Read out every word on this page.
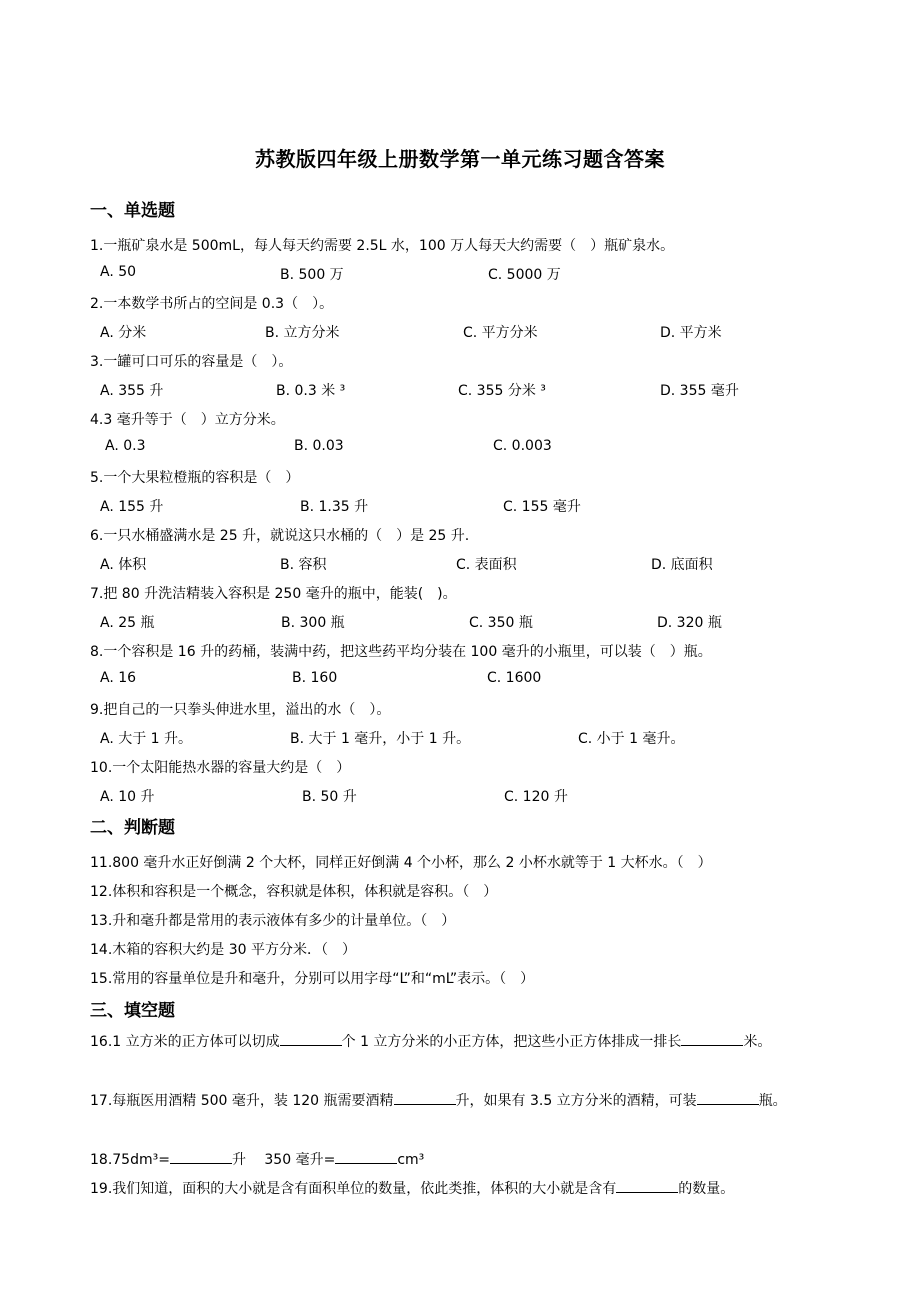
苏教版四年级上册数学第一单元练习题含答案
一、单选题
1.一瓶矿泉水是 500mL，每人每天约需要 2.5L 水，100 万人每天大约需要（　）瓶矿泉水。
A. 50	B. 500 万	C. 5000 万
2.一本数学书所占的空间是 0.3（　）。
A. 分米	B. 立方分米	C. 平方分米	D. 平方米
3.一罐可口可乐的容量是（　）。
A. 355 升	B. 0.3 米 ³	C. 355 分米 ³	D. 355 毫升
4.3 毫升等于（　）立方分米。
A. 0.3	B. 0.03	C. 0.003
5.一个大果粒橙瓶的容积是（　）
A. 155 升	B. 1.35 升	C. 155 毫升
6.一只水桶盛满水是 25 升，就说这只水桶的（　）是 25 升.
A. 体积	B. 容积	C. 表面积	D. 底面积
7.把 80 升洗洁精装入容积是 250 毫升的瓶中，能装(　)。
A. 25 瓶	B. 300 瓶	C. 350 瓶	D. 320 瓶
8.一个容积是 16 升的药桶，装满中药，把这些药平均分装在 100 毫升的小瓶里，可以装（　）瓶。
A. 16	B. 160	C. 1600
9.把自己的一只拳头伸进水里，溢出的水（　）。
A. 大于 1 升。	B. 大于 1 毫升，小于 1 升。	C. 小于 1 毫升。
10.一个太阳能热水器的容量大约是（　）
A. 10 升	B. 50 升	C. 120 升
二、判断题
11.800 毫升水正好倒满 2 个大杯，同样正好倒满 4 个小杯，那么 2 小杯水就等于 1 大杯水。（　）
12.体积和容积是一个概念，容积就是体积，体积就是容积。（　）
13.升和毫升都是常用的表示液体有多少的计量单位。（　）
14.木箱的容积大约是 30 平方分米．（　）
15.常用的容量单位是升和毫升，分别可以用字母“L”和“mL”表示。（　）
三、填空题
16.1 立方米的正方体可以切成	个 1 立方分米的小正方体，把这些小正方体排成一排长	米。
17.每瓶医用酒精 500 毫升，装 120 瓶需要酒精	升，如果有 3.5 立方分米的酒精，可装	瓶。
18.75dm³=	升　 350 毫升=	cm³
19.我们知道，面积的大小就是含有面积单位的数量，依此类推，体积的大小就是含有	的数量。
